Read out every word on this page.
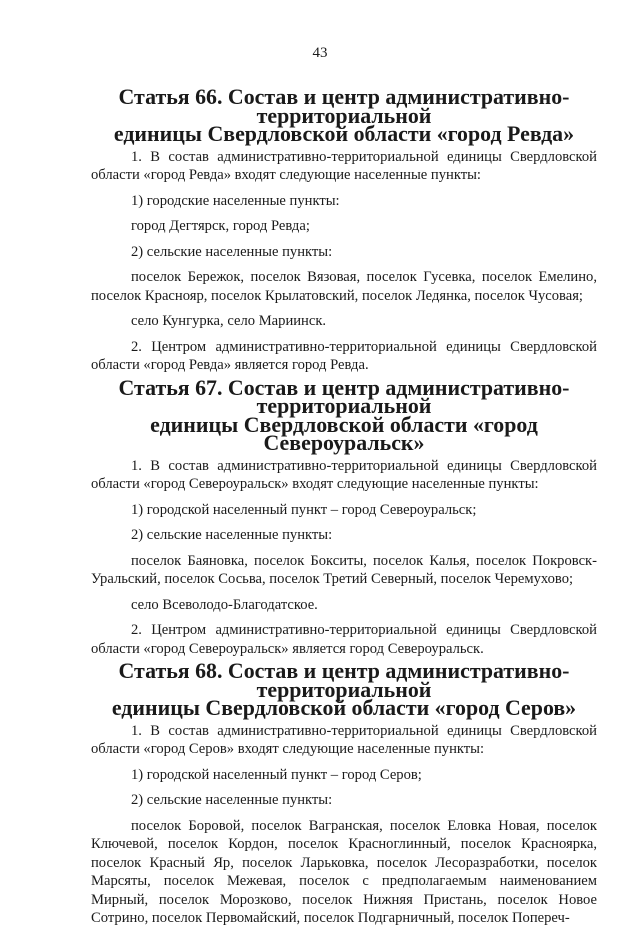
43
Статья 66. Состав и центр административно-территориальной
единицы Свердловской области «город Ревда»

1. В состав административно-территориальной единицы Свердловской области «город Ревда» входят следующие населенные пункты:

1) городские населенные пункты:

город Дегтярск, город Ревда;

2) сельские населенные пункты:

поселок Бережок, поселок Вязовая, поселок Гусевка, поселок Емелино, поселок Краснояр, поселок Крылатовский, поселок Ледянка, поселок Чусовая;

село Кунгурка, село Мариинск.

2. Центром административно-территориальной единицы Свердловской области «город Ревда» является город Ревда.

Статья 67. Состав и центр административно-территориальной
единицы Свердловской области «город Североуральск»

1. В состав административно-территориальной единицы Свердловской области «город Североуральск» входят следующие населенные пункты:

1) городской населенный пункт – город Североуральск;

2) сельские населенные пункты:

поселок Баяновка, поселок Бокситы, поселок Калья, поселок Покровск-Уральский, поселок Сосьва, поселок Третий Северный, поселок Черемухово;

село Всеволодо-Благодатское.

2. Центром административно-территориальной единицы Свердловской области «город Североуральск» является город Североуральск.

Статья 68. Состав и центр административно-территориальной
единицы Свердловской области «город Серов»

1. В состав административно-территориальной единицы Свердловской области «город Серов» входят следующие населенные пункты:

1) городской населенный пункт – город Серов;

2) сельские населенные пункты:

поселок Боровой, поселок Вагранская, поселок Еловка Новая, поселок Ключевой, поселок Кордон, поселок Красноглинный, поселок Красноярка, поселок Красный Яр, поселок Ларьковка, поселок Лесоразработки, поселок Марсяты, поселок Межевая, поселок с предполагаемым наименованием Мирный, поселок Морозково, поселок Нижняя Пристань, поселок Новое Сотрино, поселок Первомайский, поселок Подгарничный, поселок Попереч-
